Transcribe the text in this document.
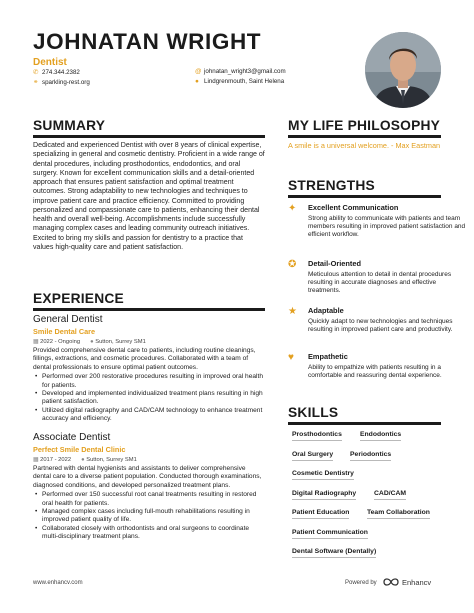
JOHNATAN WRIGHT
Dentist
✆ 274.344.2382	@ johnatan_wright3@gmail.com
⚭ sparkling-rest.org	● Lindgrenmouth, Saint Helena
SUMMARY
Dedicated and experienced Dentist with over 8 years of clinical expertise, specializing in general and cosmetic dentistry. Proficient in a wide range of dental procedures, including prosthodontics, endodontics, and oral surgery. Known for excellent communication skills and a detail-oriented approach that ensures patient satisfaction and optimal treatment outcomes. Strong adaptability to new technologies and techniques to improve patient care and practice efficiency. Committed to providing personalized and compassionate care to patients, enhancing their dental health and overall well-being. Accomplishments include successfully managing complex cases and leading community outreach initiatives. Excited to bring my skills and passion for dentistry to a practice that values high-quality care and patient satisfaction.
EXPERIENCE
General Dentist
Smile Dental Care
▦ 2022 - Ongoing ● Sutton, Surrey SM1
Provided comprehensive dental care to patients, including routine cleanings, fillings, extractions, and cosmetic procedures. Collaborated with a team of dental professionals to ensure optimal patient outcomes.
• Performed over 200 restorative procedures resulting in improved oral health for patients.
• Developed and implemented individualized treatment plans resulting in high patient satisfaction.
• Utilized digital radiography and CAD/CAM technology to enhance treatment accuracy and efficiency.
Associate Dentist
Perfect Smile Dental Clinic
▦ 2017 - 2022 ● Sutton, Surrey SM1
Partnered with dental hygienists and assistants to deliver comprehensive dental care to a diverse patient population. Conducted thorough examinations, diagnosed conditions, and developed personalized treatment plans.
• Performed over 150 successful root canal treatments resulting in restored oral health for patients.
• Managed complex cases including full-mouth rehabilitations resulting in improved patient quality of life.
• Collaborated closely with orthodontists and oral surgeons to coordinate multi-disciplinary treatment plans.
MY LIFE PHILOSOPHY
A smile is a universal welcome. - Max Eastman
STRENGTHS
✦	Excellent Communication
Strong ability to communicate with patients and team members resulting in improved patient satisfaction and efficient workflow.
✪	Detail-Oriented
Meticulous attention to detail in dental procedures resulting in accurate diagnoses and effective treatments.
★	Adaptable
Quickly adapt to new technologies and techniques resulting in improved patient care and productivity.
♥	Empathetic
Ability to empathize with patients resulting in a comfortable and reassuring dental experience.
SKILLS
Prosthodontics	Endodontics
Oral Surgery Periodontics
Cosmetic Dentistry
Digital Radiography	CAD/CAM
Patient Education	Team Collaboration
Patient Communication
Dental Software (Dentally)
www.enhancv.com	Powered by	Enhancv
